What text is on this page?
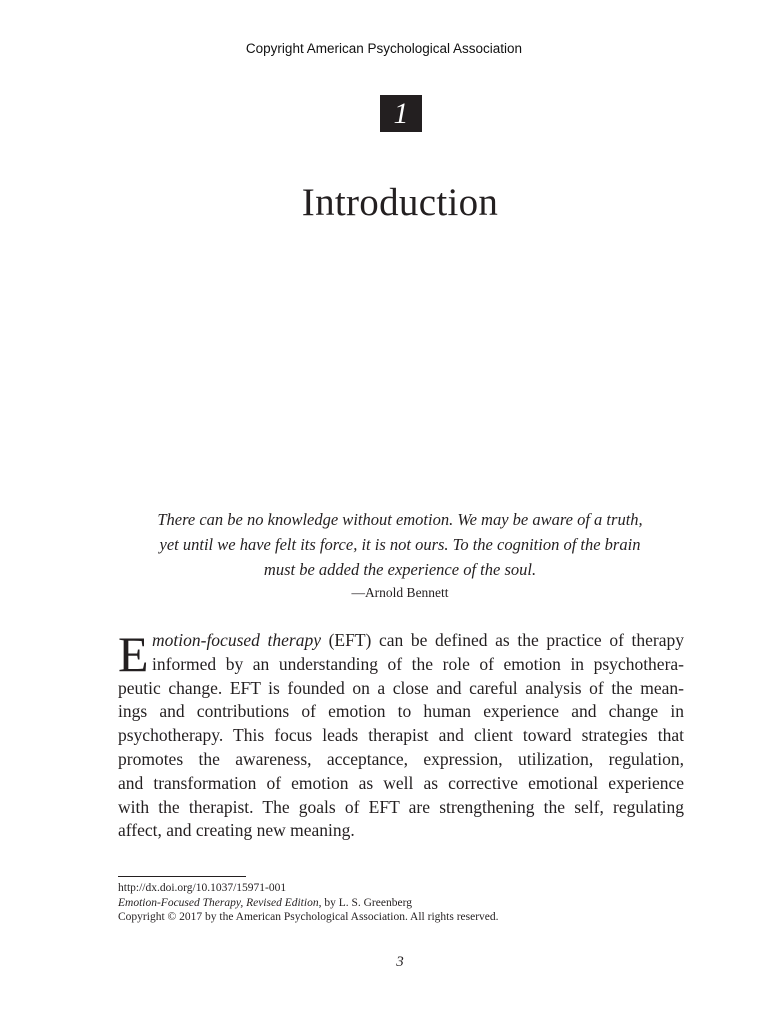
Copyright American Psychological Association
1
Introduction
There can be no knowledge without emotion. We may be aware of a truth,
yet until we have felt its force, it is not ours. To the cognition of the brain
must be added the experience of the soul.
—Arnold Bennett
E motion-focused therapy (EFT) can be defined as the practice of therapy
informed by an understanding of the role of emotion in psychothera-
peutic change. EFT is founded on a close and careful analysis of the mean-
ings and contributions of emotion to human experience and change in
psychotherapy. This focus leads therapist and client toward strategies that
promotes the awareness, acceptance, expression, utilization, regulation,
and transformation of emotion as well as corrective emotional experience
with the therapist. The goals of EFT are strengthening the self, regulating
affect, and creating new meaning.
http://dx.doi.org/10.1037/15971-001
Emotion-Focused Therapy, Revised Edition, by L. S. Greenberg
Copyright © 2017 by the American Psychological Association. All rights reserved.
3
